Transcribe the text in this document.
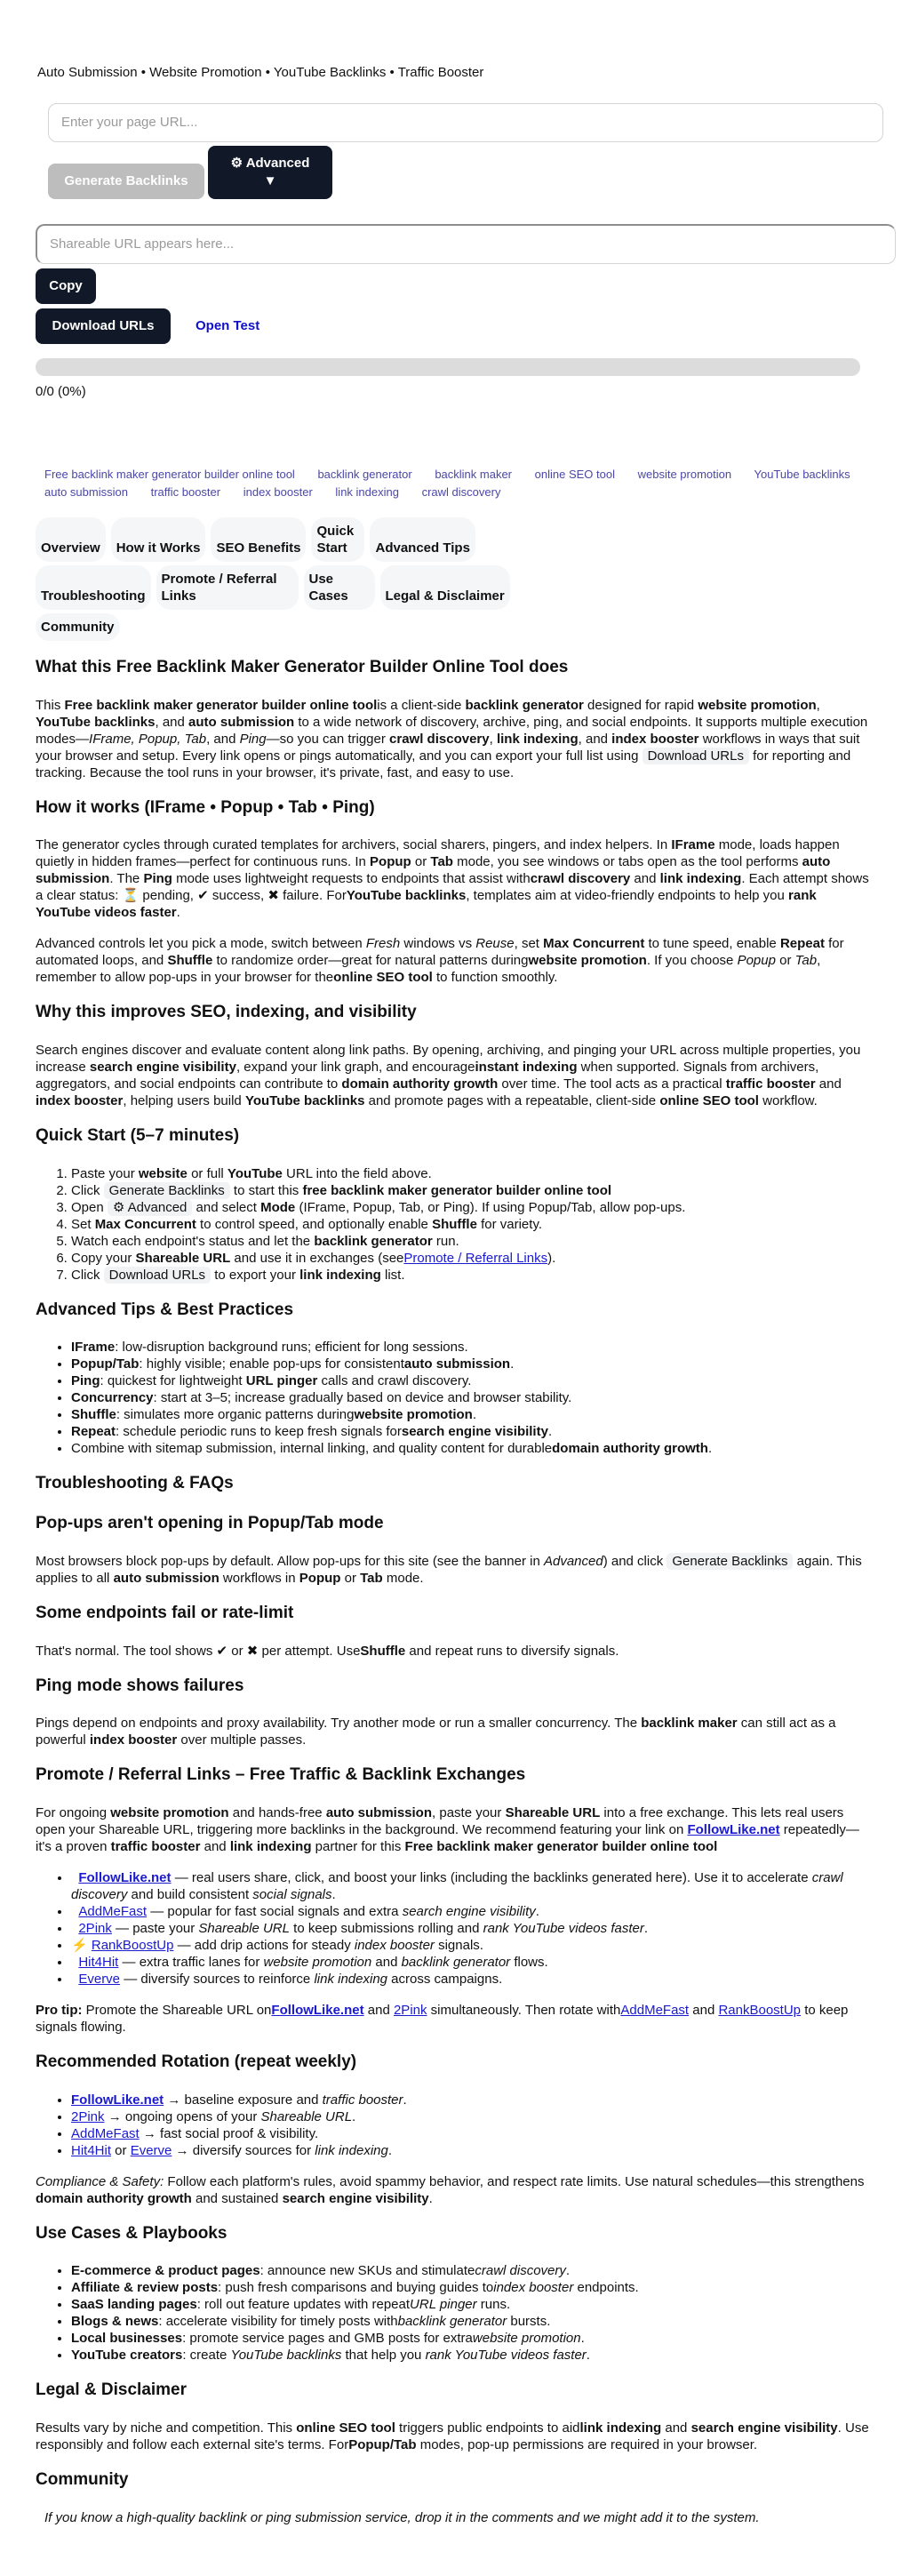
Auto Submission • Website Promotion • YouTube Backlinks • Traffic Booster
Enter your page URL...
Generate Backlinks
⚙ Advanced
▼
Shareable URL appears here...
Copy
Download URLs	Open Test
0/0 (0%)
Free backlink maker generator builder online tool backlink generator backlink maker online SEO tool website promotion YouTube backlinks auto submission traffic booster index booster link indexing crawl discovery
Overview	How it Works	SEO Benefits
Quick Start	Advanced Tips
Troubleshooting
Promote / Referral Links
Use Cases	Legal & Disclaimer
Community
What this Free Backlink Maker Generator Builder Online Tool does

This Free backlink maker generator builder online toolis a client-side backlink generator designed for rapid website promotion, YouTube backlinks, and auto submission to a wide network of discovery, archive, ping, and social endpoints. It supports multiple execution modes—IFrame, Popup, Tab, and Ping—so you can trigger crawl discovery, link indexing, and index booster workflows in ways that suit your browser and setup. Every link opens or pings automatically, and you can export your full list using Download URLs for reporting and tracking. Because the tool runs in your browser, it's private, fast, and easy to use.

How it works (IFrame • Popup • Tab • Ping)

The generator cycles through curated templates for archivers, social sharers, pingers, and index helpers. In IFrame mode, loads happen quietly in hidden frames—perfect for continuous runs. In Popup or Tab mode, you see windows or tabs open as the tool performs auto submission. The Ping mode uses lightweight requests to endpoints that assist withcrawl discovery and link indexing. Each attempt shows a clear status: ⏳ pending, ✔ success, ✖ failure. ForYouTube backlinks, templates aim at video-friendly endpoints to help you rank YouTube videos faster.

Advanced controls let you pick a mode, switch between Fresh windows vs Reuse, set Max Concurrent to tune speed, enable Repeat for automated loops, and Shuffle to randomize order—great for natural patterns duringwebsite promotion. If you choose Popup or Tab, remember to allow pop-ups in your browser for theonline SEO tool to function smoothly.

Why this improves SEO, indexing, and visibility

Search engines discover and evaluate content along link paths. By opening, archiving, and pinging your URL across multiple properties, you increase search engine visibility, expand your link graph, and encourageinstant indexing when supported. Signals from archivers, aggregators, and social endpoints can contribute to domain authority growth over time. The tool acts as a practical traffic booster and index booster, helping users build YouTube backlinks and promote pages with a repeatable, client-side online SEO tool workflow.

Quick Start (5–7 minutes)
1. Paste your website or full YouTube URL into the field above.
2. Click Generate Backlinks to start this free backlink maker generator builder online tool
3. Open ⚙ Advanced and select Mode (IFrame, Popup, Tab, or Ping). If using Popup/Tab, allow pop-ups.
4. Set Max Concurrent to control speed, and optionally enable Shuffle for variety.
5. Watch each endpoint's status and let the backlink generator run.
6. Copy your Shareable URL and use it in exchanges (seePromote / Referral Links).
7. Click Download URLs to export your link indexing list.
Advanced Tips & Best Practices
• IFrame: low-disruption background runs; efficient for long sessions.
• Popup/Tab: highly visible; enable pop-ups for consistentauto submission.
• Ping: quickest for lightweight URL pinger calls and crawl discovery.
• Concurrency: start at 3–5; increase gradually based on device and browser stability.
• Shuffle: simulates more organic patterns duringwebsite promotion.
• Repeat: schedule periodic runs to keep fresh signals forsearch engine visibility.
• Combine with sitemap submission, internal linking, and quality content for durabledomain authority growth.
Troubleshooting & FAQs
Pop-ups aren't opening in Popup/Tab mode

Most browsers block pop-ups by default. Allow pop-ups for this site (see the banner in Advanced) and click Generate Backlinks again. This applies to all auto submission workflows in Popup or Tab mode.

Some endpoints fail or rate-limit

That's normal. The tool shows ✔ or ✖ per attempt. UseShuffle and repeat runs to diversify signals.

Ping mode shows failures

Pings depend on endpoints and proxy availability. Try another mode or run a smaller concurrency. The backlink maker can still act as a powerful index booster over multiple passes.

Promote / Referral Links – Free Traffic & Backlink Exchanges

For ongoing website promotion and hands-free auto submission, paste your Shareable URL into a free exchange. This lets real users open your Shareable URL, triggering more backlinks in the background. We recommend featuring your link on FollowLike.net repeatedly— it's a proven traffic booster and link indexing partner for this Free backlink maker generator builder online tool

• FollowLike.net — real users share, click, and boost your links (including the backlinks generated here). Use it to accelerate crawl discovery and build consistent social signals.
• AddMeFast — popular for fast social signals and extra search engine visibility.
• 2Pink — paste your Shareable URL to keep submissions rolling and rank YouTube videos faster.
• ⚡ RankBoostUp — add drip actions for steady index booster signals.
• Hit4Hit — extra traffic lanes for website promotion and backlink generator flows.
• Everve — diversify sources to reinforce link indexing across campaigns.

Pro tip: Promote the Shareable URL onFollowLike.net and 2Pink simultaneously. Then rotate withAddMeFast and RankBoostUp to keep signals flowing.

Recommended Rotation (repeat weekly)
• FollowLike.net → baseline exposure and traffic booster.
• 2Pink → ongoing opens of your Shareable URL.
• AddMeFast → fast social proof & visibility.
• Hit4Hit or Everve → diversify sources for link indexing.

Compliance & Safety: Follow each platform's rules, avoid spammy behavior, and respect rate limits. Use natural schedules—this strengthens domain authority growth and sustained search engine visibility.

Use Cases & Playbooks
• E-commerce & product pages: announce new SKUs and stimulatecrawl discovery.
• Affiliate & review posts: push fresh comparisons and buying guides toindex booster endpoints.
• SaaS landing pages: roll out feature updates with repeatURL pinger runs.
• Blogs & news: accelerate visibility for timely posts withbacklink generator bursts.
• Local businesses: promote service pages and GMB posts for extrawebsite promotion.
• YouTube creators: create YouTube backlinks that help you rank YouTube videos faster.
Legal & Disclaimer

Results vary by niche and competition. This online SEO tool triggers public endpoints to aidlink indexing and search engine visibility. Use responsibly and follow each external site's terms. ForPopup/Tab modes, pop-up permissions are required in your browser.

Community

If you know a high-quality backlink or ping submission service, drop it in the comments and we might add it to the system.
